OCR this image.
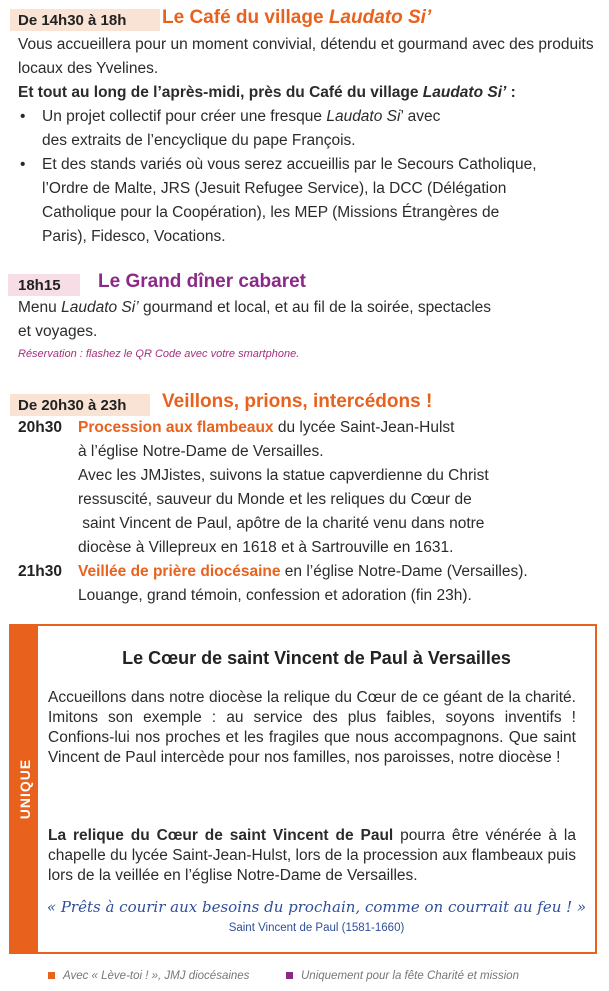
De 14h30 à 18h Le Café du village Laudato Si’

Vous accueillera pour un moment convivial, détendu et gourmand avec des produits locaux des Yvelines.

Et tout au long de l’après-midi, près du Café du village Laudato Si’ :

• Un projet collectif pour créer une fresque Laudato Si’ avec
des extraits de l’encyclique du pape François.
• Et des stands variés où vous serez accueillis par le Secours Catholique,
l’Ordre de Malte, JRS (Jesuit Refugee Service), la DCC (Délégation
Catholique pour la Coopération), les MEP (Missions Étrangères de
Paris), Fidesco, Vocations.
18h15 Le Grand dîner cabaret

Menu Laudato Si’ gourmand et local, et au fil de la soirée, spectacles

et voyages.

Réservation : flashez le QR Code avec votre smartphone.
De 20h30 à 23h Veillons, prions, intercédons !
20h30 Procession aux flambeaux du lycée Saint-Jean-Hulst

à l’église Notre-Dame de Versailles.

Avec les JMJistes, suivons la statue capverdienne du Christ

ressuscité, sauveur du Monde et les reliques du Cœur de

saint Vincent de Paul, apôtre de la charité venu dans notre

diocèse à Villepreux en 1618 et à Sartrouville en 1631.

21h30 Veillée de prière diocésaine en l’église Notre-Dame (Versailles).

Louange, grand témoin, confession et adoration (fin 23h).

UNIQUE
Le Cœur de saint Vincent de Paul à Versailles
Accueillons dans notre diocèse la relique du Cœur de ce géant de la charité. Imitons son exemple : au service des plus faibles, soyons inventifs ! Confions-lui nos proches et les fragiles que nous accompagnons. Que saint Vincent de Paul intercède pour nos familles, nos paroisses, notre diocèse !
La relique du Cœur de saint Vincent de Paul pourra être vénérée à la chapelle du lycée Saint-Jean-Hulst, lors de la procession aux flambeaux puis lors de la veillée en l’église Notre-Dame de Versailles.
« Prêts à courir aux besoins du prochain, comme on courrait au feu ! »
Saint Vincent de Paul (1581-1660)
Avec « Lève-toi ! », JMJ diocésaines	Uniquement pour la fête Charité et mission
